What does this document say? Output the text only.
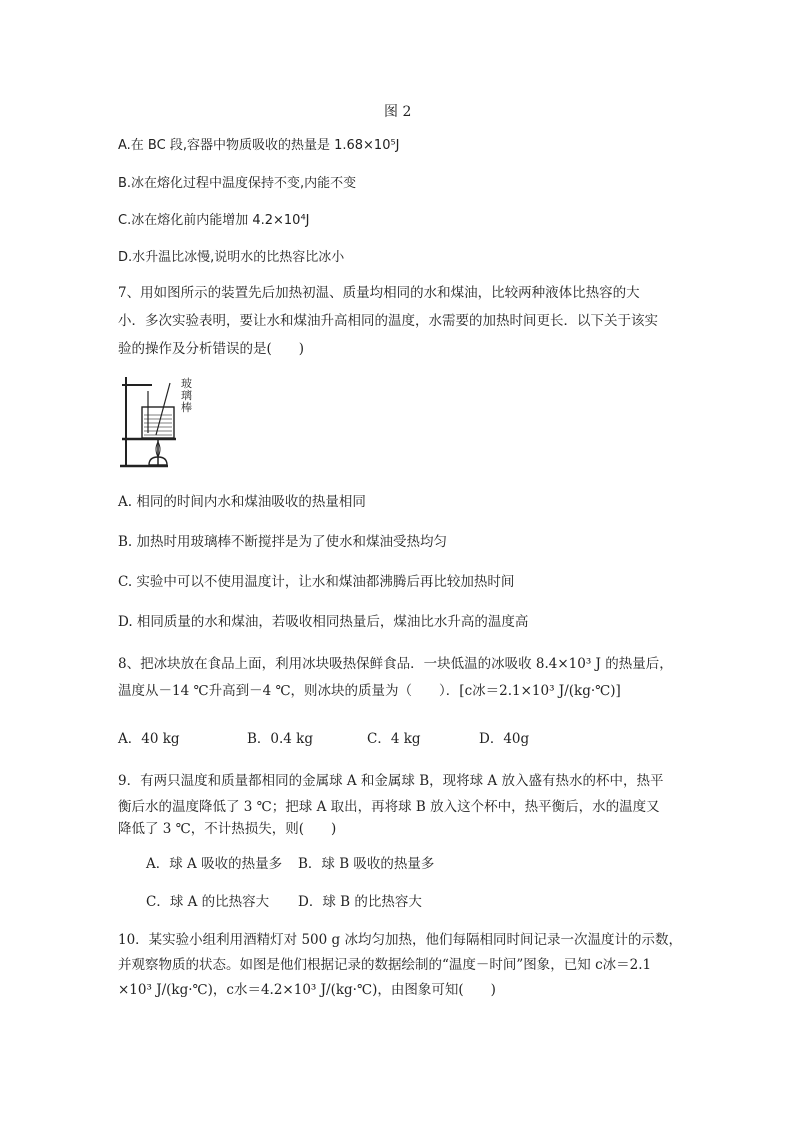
图 2
A.在 BC 段,容器中物质吸收的热量是 1.68×10⁵J
B.冰在熔化过程中温度保持不变,内能不变
C.冰在熔化前内能增加 4.2×10⁴J
D.水升温比冰慢,说明水的比热容比冰小
7、用如图所示的装置先后加热初温、质量均相同的水和煤油，比较两种液体比热容的大
小．多次实验表明，要让水和煤油升高相同的温度，水需要的加热时间更长．以下关于该实
验的操作及分析错误的是(　　)
玻璃棒
A. 相同的时间内水和煤油吸收的热量相同
B. 加热时用玻璃棒不断搅拌是为了使水和煤油受热均匀
C. 实验中可以不使用温度计，让水和煤油都沸腾后再比较加热时间
D. 相同质量的水和煤油，若吸收相同热量后，煤油比水升高的温度高
8、把冰块放在食品上面，利用冰块吸热保鲜食品．一块低温的冰吸收 8.4×10³ J 的热量后，
温度从－14 ℃升高到－4 ℃，则冰块的质量为（　　）．[c冰＝2.1×10³ J/(kg·℃)]
A．40 kg	B．0.4 kg	C．4 kg	D．40g
9．有两只温度和质量都相同的金属球 A 和金属球 B，现将球 A 放入盛有热水的杯中，热平
衡后水的温度降低了 3 ℃；把球 A 取出，再将球 B 放入这个杯中，热平衡后，水的温度又
降低了 3 ℃，不计热损失，则(　　)
A．球 A 吸收的热量多 B．球 B 吸收的热量多
C．球 A 的比热容大 D．球 B 的比热容大
10．某实验小组利用酒精灯对 500 g 冰均匀加热，他们每隔相同时间记录一次温度计的示数，
并观察物质的状态。如图是他们根据记录的数据绘制的“温度－时间”图象，已知 c冰＝2.1
×10³ J/(kg·℃)，c水＝4.2×10³ J/(kg·℃)，由图象可知(　　)
